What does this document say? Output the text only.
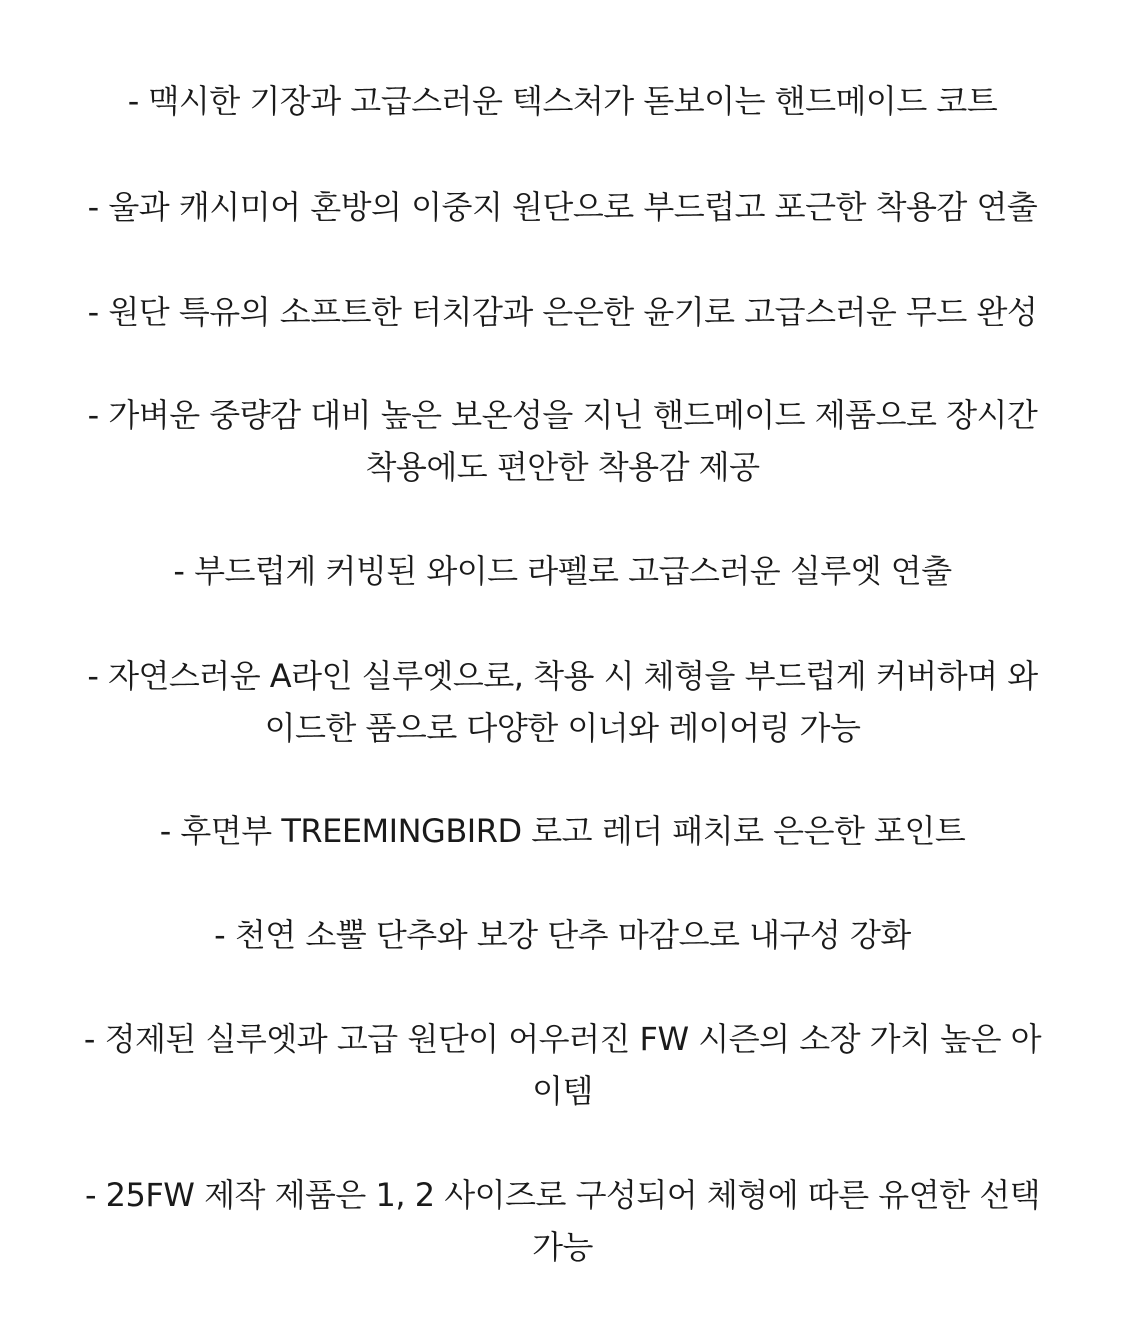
- 맥시한 기장과 고급스러운 텍스처가 돋보이는 핸드메이드 코트
- 울과 캐시미어 혼방의 이중지 원단으로 부드럽고 포근한 착용감 연출
- 원단 특유의 소프트한 터치감과 은은한 윤기로 고급스러운 무드 완성
- 가벼운 중량감 대비 높은 보온성을 지닌 핸드메이드 제품으로 장시간
착용에도 편안한 착용감 제공
- 부드럽게 커빙된 와이드 라펠로 고급스러운 실루엣 연출
- 자연스러운 A라인 실루엣으로, 착용 시 체형을 부드럽게 커버하며 와
이드한 품으로 다양한 이너와 레이어링 가능
- 후면부 TREEMINGBIRD 로고 레더 패치로 은은한 포인트
- 천연 소뿔 단추와 보강 단추 마감으로 내구성 강화
- 정제된 실루엣과 고급 원단이 어우러진 FW 시즌의 소장 가치 높은 아
이템
- 25FW 제작 제품은 1, 2 사이즈로 구성되어 체형에 따른 유연한 선택
가능
